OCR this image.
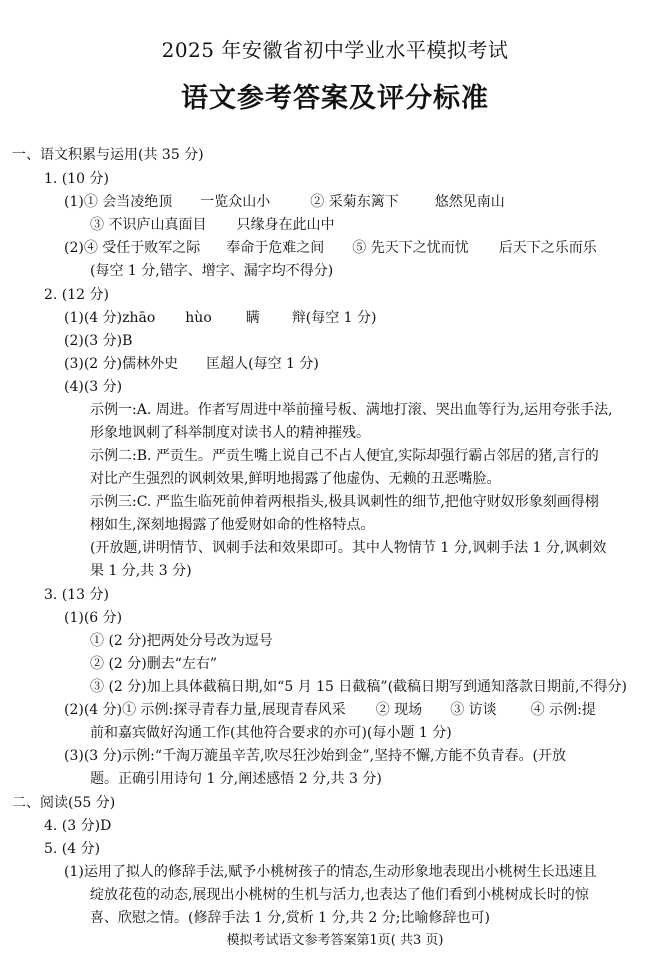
2025 年安徽省初中学业水平模拟考试
语文参考答案及评分标准
一、语文积累与运用(共 35 分)
1. (10 分)
(1)① 会当凌绝顶 一览众山小	② 采菊东篱下	悠然见南山
③ 不识庐山真面目 只缘身在此山中
(2)④ 受任于败军之际 奉命于危难之间 ⑤ 先天下之忧而忧 后天下之乐而乐
(每空 1 分,错字、增字、漏字均不得分)
2. (12 分)
(1)(4 分)zhāo hùo 瞒 辩(每空 1 分)
(2)(3 分)B
(3)(2 分)儒林外史 匡超人(每空 1 分)
(4)(3 分)
示例一:A. 周进。作者写周进中举前撞号板、满地打滚、哭出血等行为,运用夸张手法,
形象地讽刺了科举制度对读书人的精神摧残。
示例二:B. 严贡生。严贡生嘴上说自己不占人便宜,实际却强行霸占邻居的猪,言行的
对比产生强烈的讽刺效果,鲜明地揭露了他虚伪、无赖的丑恶嘴脸。
示例三:C. 严监生临死前伸着两根指头,极具讽刺性的细节,把他守财奴形象刻画得栩
栩如生,深刻地揭露了他爱财如命的性格特点。
(开放题,讲明情节、讽刺手法和效果即可。其中人物情节 1 分,讽刺手法 1 分,讽刺效
果 1 分,共 3 分)
3. (13 分)
(1)(6 分)
① (2 分)把两处分号改为逗号
② (2 分)删去“左右”
③ (2 分)加上具体截稿日期,如“5 月 15 日截稿”(截稿日期写到通知落款日期前,不得分)
(2)(4 分)① 示例:探寻青春力量,展现青春风采 ② 现场 ③ 访谈 ④ 示例:提
前和嘉宾做好沟通工作(其他符合要求的亦可)(每小题 1 分)
(3)(3 分)示例:“千淘万漉虽辛苦,吹尽狂沙始到金”,坚持不懈,方能不负青春。(开放
题。正确引用诗句 1 分,阐述感悟 2 分,共 3 分)
二、阅读(55 分)
4. (3 分)D
5. (4 分)
(1)运用了拟人的修辞手法,赋予小桃树孩子的情态,生动形象地表现出小桃树生长迅速且
绽放花苞的动态,展现出小桃树的生机与活力,也表达了他们看到小桃树成长时的惊
喜、欣慰之情。(修辞手法 1 分,赏析 1 分,共 2 分;比喻修辞也可)
模拟考试语文参考答案第1页( 共3 页)
